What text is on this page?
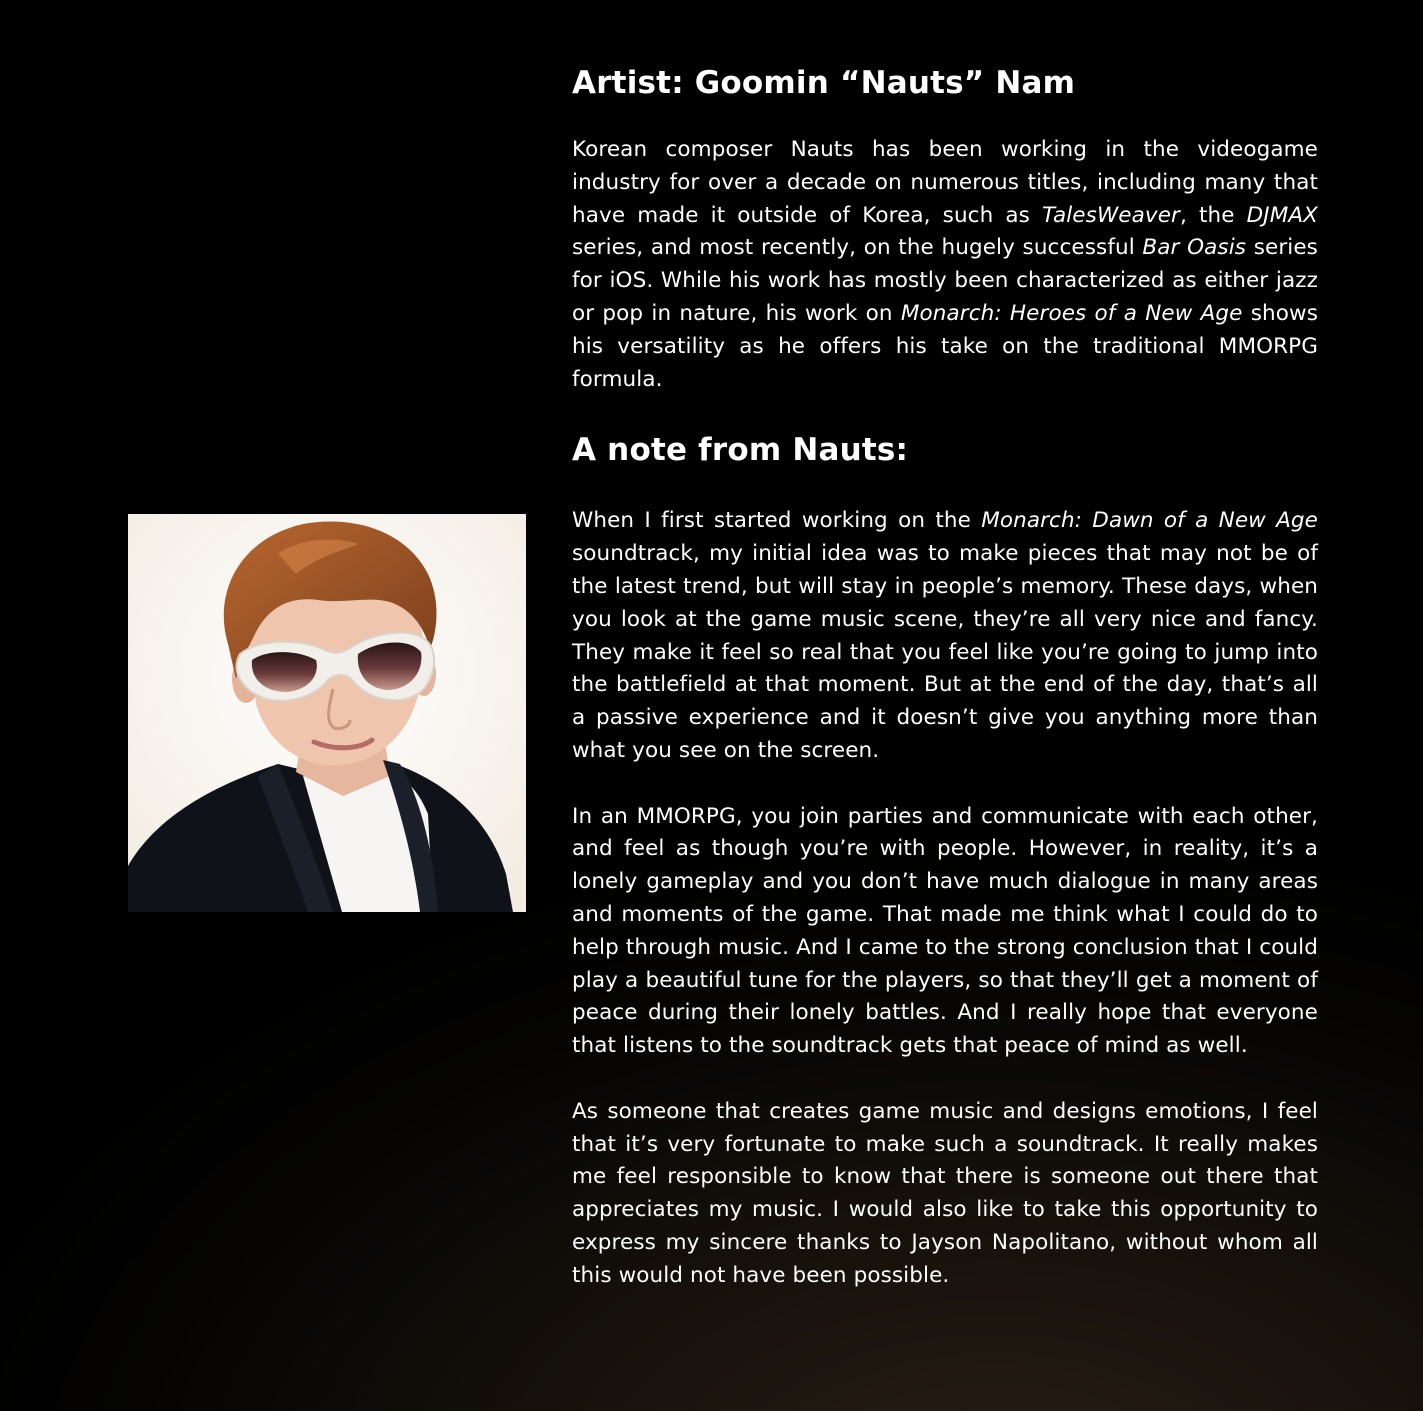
Artist: Goomin “Nauts” Nam

Korean composer Nauts has been working in the videogame industry for over a decade on numerous titles, including many that have made it outside of Korea, such as TalesWeaver, the DJMAX series, and most recently, on the hugely successful Bar Oasis series for iOS. While his work has mostly been characterized as either jazz or pop in nature, his work on Monarch: Heroes of a New Age shows his versatility as he offers his take on the traditional MMORPG formula.

A note from Nauts:

When I first started working on the Monarch: Dawn of a New Age soundtrack, my initial idea was to make pieces that may not be of the latest trend, but will stay in people’s memory. These days, when you look at the game music scene, they’re all very nice and fancy. They make it feel so real that you feel like you’re going to jump into the battlefield at that moment. But at the end of the day, that’s all a passive experience and it doesn’t give you anything more than what you see on the screen.

In an MMORPG, you join parties and communicate with each other, and feel as though you’re with people. However, in reality, it’s a lonely gameplay and you don’t have much dialogue in many areas and moments of the game. That made me think what I could do to help through music. And I came to the strong conclusion that I could play a beautiful tune for the players, so that they’ll get a moment of peace during their lonely battles. And I really hope that everyone that listens to the soundtrack gets that peace of mind as well.

As someone that creates game music and designs emotions, I feel that it’s very fortunate to make such a soundtrack. It really makes me feel responsible to know that there is someone out there that appreciates my music. I would also like to take this opportunity to express my sincere thanks to Jayson Napolitano, without whom all this would not have been possible.
